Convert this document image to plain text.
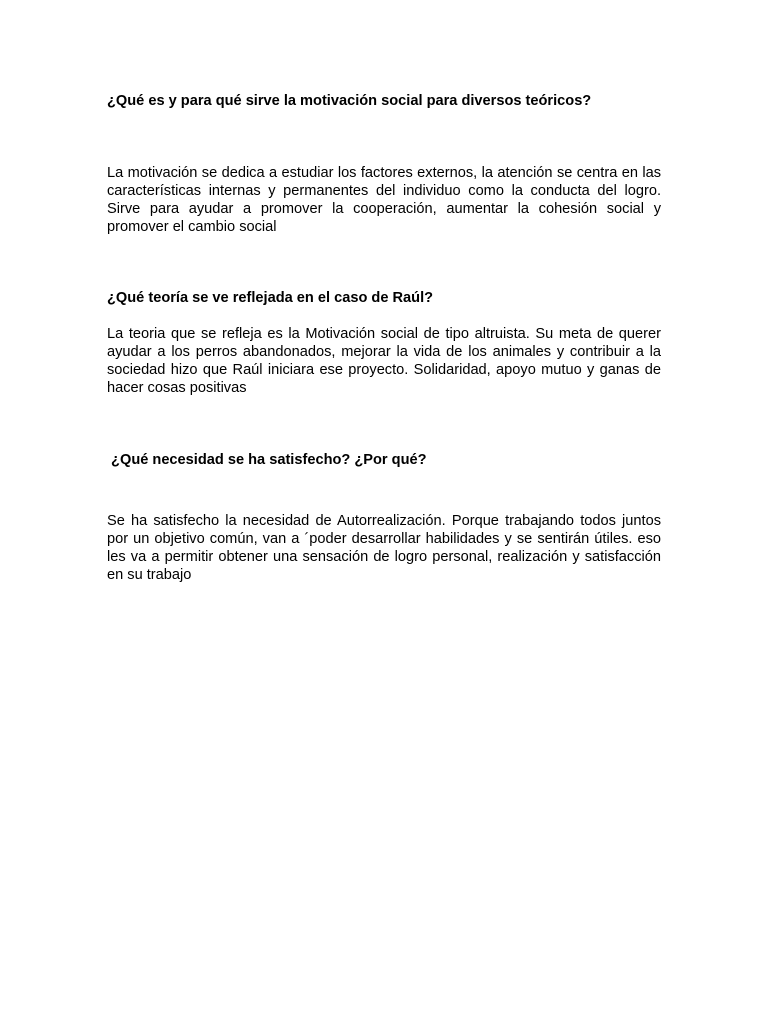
¿Qué es y para qué sirve la motivación social para diversos teóricos?

La motivación se dedica a estudiar los factores externos, la atención se centra en las características internas y permanentes del individuo como la conducta del logro. Sirve para ayudar a promover la cooperación, aumentar la cohesión social y promover el cambio social

¿Qué teoría se ve reflejada en el caso de Raúl?

La teoria que se refleja es la Motivación social de tipo altruista. Su meta de querer ayudar a los perros abandonados, mejorar la vida de los animales y contribuir a la sociedad hizo que Raúl iniciara ese proyecto. Solidaridad, apoyo mutuo y ganas de hacer cosas positivas

¿Qué necesidad se ha satisfecho? ¿Por qué?

Se ha satisfecho la necesidad de Autorrealización. Porque trabajando todos juntos por un objetivo común, van a ´poder desarrollar habilidades y se sentirán útiles. eso les va a permitir obtener una sensación de logro personal, realización y satisfacción en su trabajo
